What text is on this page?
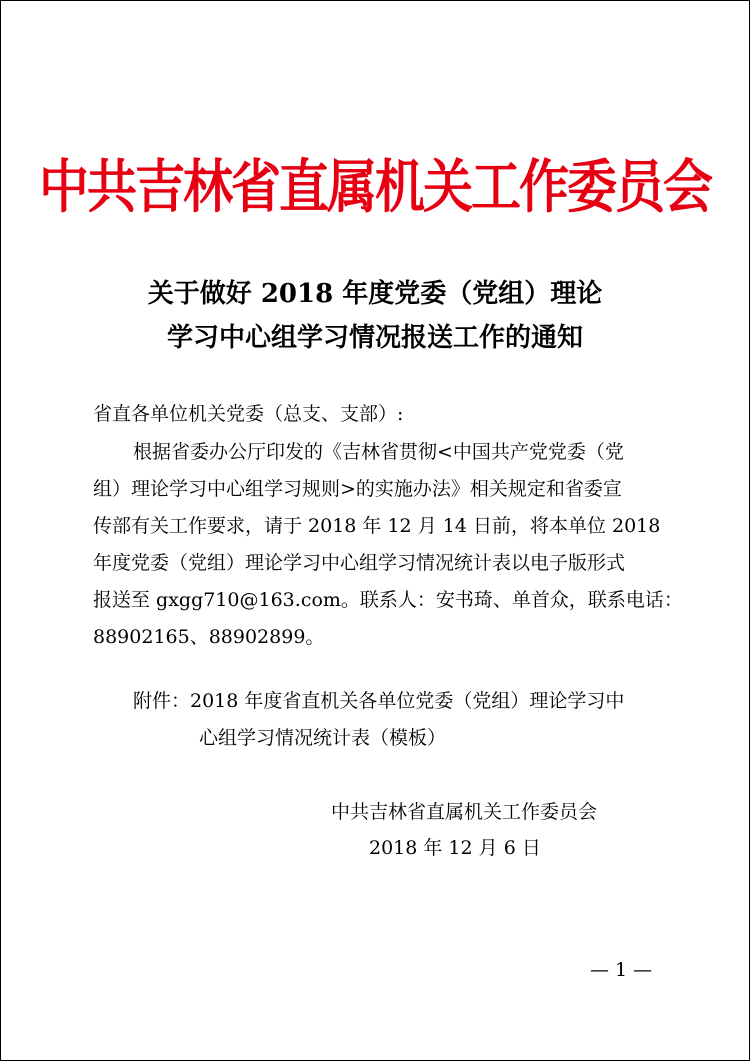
中共吉林省直属机关工作委员会
关于做好 2018 年度党委（党组）理论
学习中心组学习情况报送工作的通知
省直各单位机关党委（总支、支部）:
根据省委办公厅印发的《吉林省贯彻<中国共产党党委（党
组）理论学习中心组学习规则>的实施办法》相关规定和省委宣
传部有关工作要求，请于 2018 年 12 月 14 日前，将本单位 2018
年度党委（党组）理论学习中心组学习情况统计表以电子版形式
报送至 gxgg710@163.com。联系人：安书琦、单首众，联系电话：
88902165、88902899。
附件：2018 年度省直机关各单位党委（党组）理论学习中
心组学习情况统计表（模板）
中共吉林省直属机关工作委员会
2018 年 12 月 6 日
— 1 —
